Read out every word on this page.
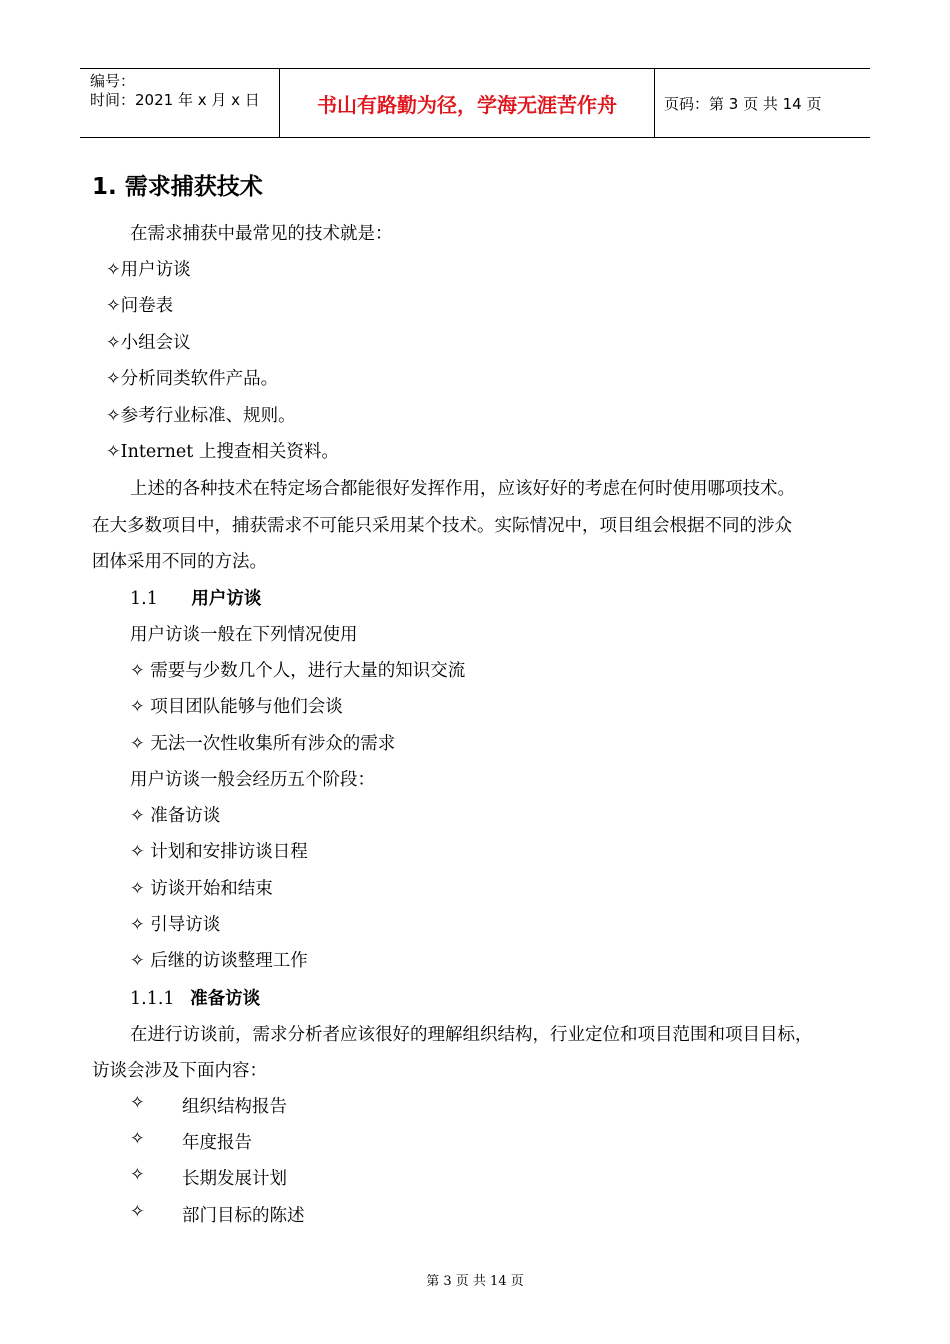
编号：
时间：2021 年 x 月 x 日	书山有路勤为径，学海无涯苦作舟	页码：第 3 页 共 14 页
1. 需求捕获技术
在需求捕获中最常见的技术就是：
✧用户访谈
✧问卷表
✧小组会议
✧分析同类软件产品。
✧参考行业标准、规则。
✧Internet 上搜查相关资料。
上述的各种技术在特定场合都能很好发挥作用，应该好好的考虑在何时使用哪项技术。
在大多数项目中，捕获需求不可能只采用某个技术。实际情况中，项目组会根据不同的涉众
团体采用不同的方法。
1.1 用户访谈
用户访谈一般在下列情况使用
✧ 需要与少数几个人，进行大量的知识交流
✧ 项目团队能够与他们会谈
✧ 无法一次性收集所有涉众的需求
用户访谈一般会经历五个阶段：
✧ 准备访谈
✧ 计划和安排访谈日程
✧ 访谈开始和结束
✧ 引导访谈
✧ 后继的访谈整理工作
1.1.1 准备访谈
在进行访谈前，需求分析者应该很好的理解组织结构，行业定位和项目范围和项目目标，
访谈会涉及下面内容：
✧ 组织结构报告
✧ 年度报告
✧ 长期发展计划
✧ 部门目标的陈述
第 3 页 共 14 页
